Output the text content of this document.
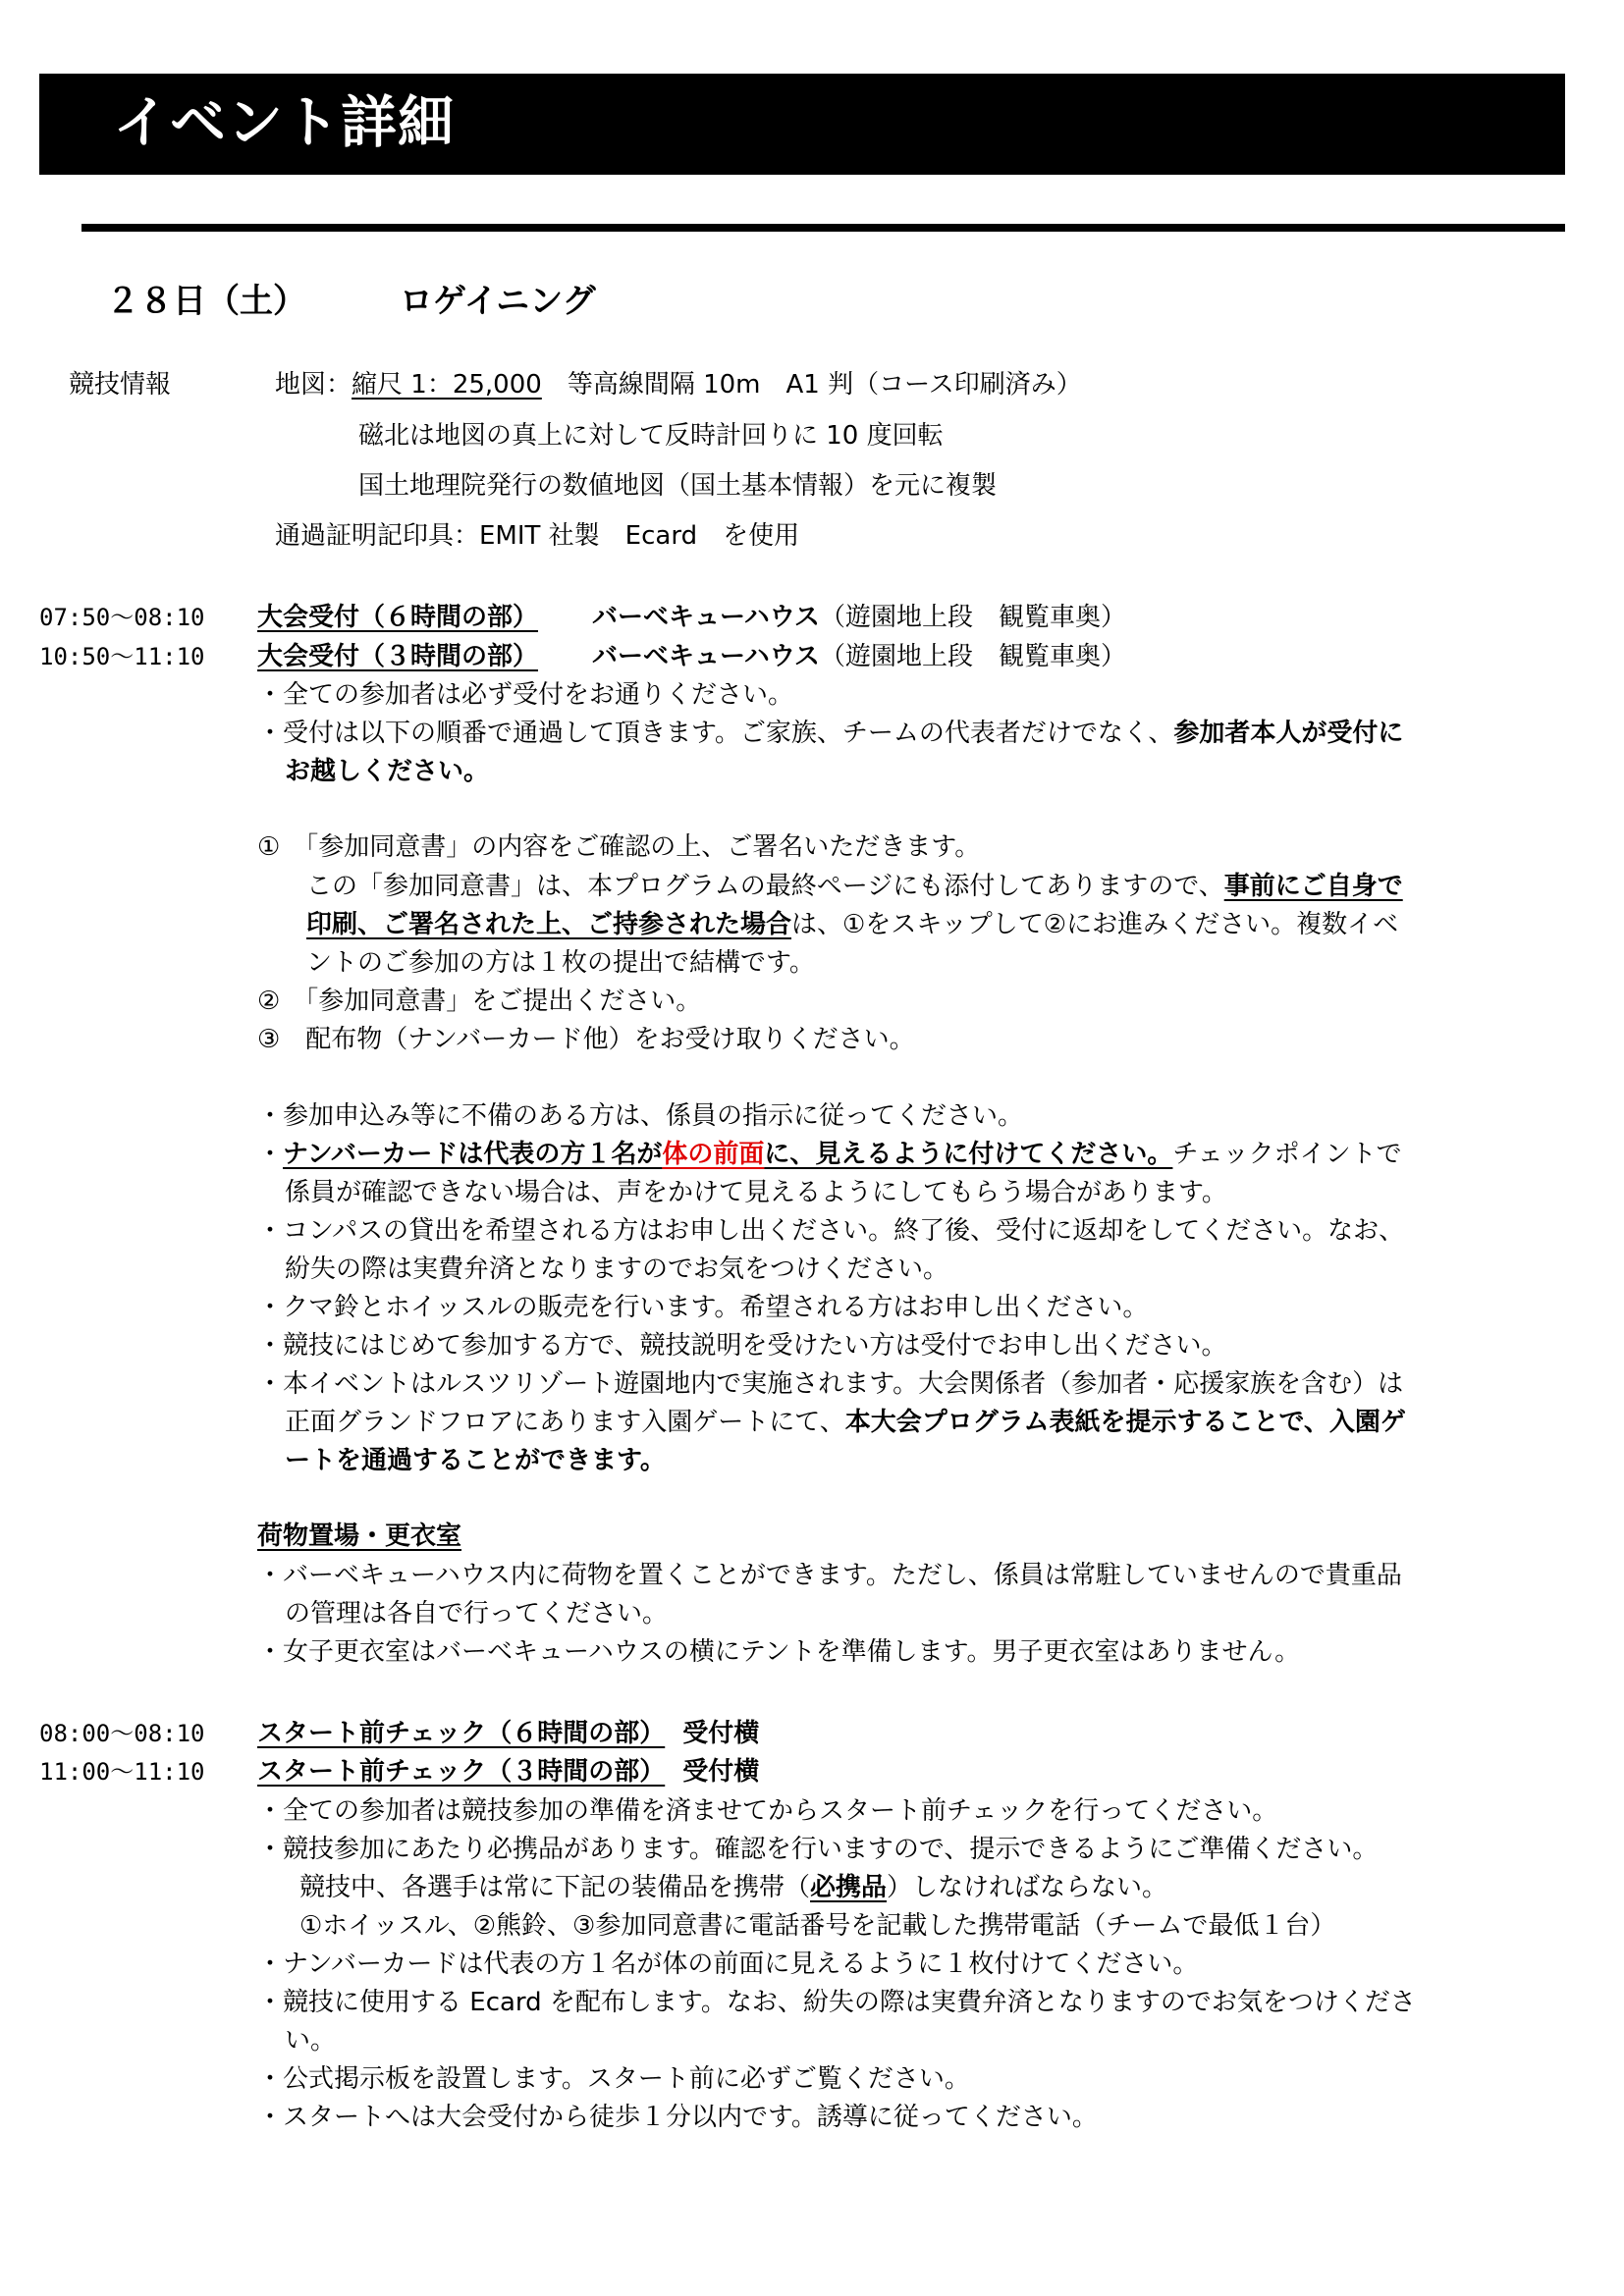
イベント詳細
２８日（土）	ロゲイニング
競技情報	地図：縮尺 1：25,000　等高線間隔 10m　A1 判（コース印刷済み）
磁北は地図の真上に対して反時計回りに 10 度回転
国土地理院発行の数値地図（国土基本情報）を元に複製
通過証明記印具：EMIT 社製　Ecard　を使用
07:50～08:10 大会受付（６時間の部） バーベキューハウス（遊園地上段　観覧車奥）
10:50～11:10 大会受付（３時間の部） バーベキューハウス（遊園地上段　観覧車奥）
・全ての参加者は必ず受付をお通りください。
・受付は以下の順番で通過して頂きます。ご家族、チームの代表者だけでなく、参加者本人が受付に
お越しください。
①　「参加同意書」の内容をご確認の上、ご署名いただきます。
この「参加同意書」は、本プログラムの最終ページにも添付してありますので、事前にご自身で
印刷、ご署名された上、ご持参された場合は、①をスキップして②にお進みください。複数イベ
ントのご参加の方は１枚の提出で結構です。
②　「参加同意書」をご提出ください。
③　配布物（ナンバーカード他）をお受け取りください。
・参加申込み等に不備のある方は、係員の指示に従ってください。
・ナンバーカードは代表の方１名が体の前面に、見えるように付けてください。チェックポイントで
係員が確認できない場合は、声をかけて見えるようにしてもらう場合があります。
・コンパスの貸出を希望される方はお申し出ください。終了後、受付に返却をしてください。なお、
紛失の際は実費弁済となりますのでお気をつけください。
・クマ鈴とホイッスルの販売を行います。希望される方はお申し出ください。
・競技にはじめて参加する方で、競技説明を受けたい方は受付でお申し出ください。
・本イベントはルスツリゾート遊園地内で実施されます。大会関係者（参加者・応援家族を含む）は
正面グランドフロアにあります入園ゲートにて、本大会プログラム表紙を提示することで、入園ゲ
ートを通過することができます。
荷物置場・更衣室
・バーベキューハウス内に荷物を置くことができます。ただし、係員は常駐していませんので貴重品
の管理は各自で行ってください。
・女子更衣室はバーベキューハウスの横にテントを準備します。男子更衣室はありません。
08:00～08:10 スタート前チェック（６時間の部） 受付横
11:00～11:10 スタート前チェック（３時間の部） 受付横
・全ての参加者は競技参加の準備を済ませてからスタート前チェックを行ってください。
・競技参加にあたり必携品があります。確認を行いますので、提示できるようにご準備ください。
競技中、各選手は常に下記の装備品を携帯（必携品）しなければならない。
①ホイッスル、②熊鈴、③参加同意書に電話番号を記載した携帯電話（チームで最低１台）
・ナンバーカードは代表の方１名が体の前面に見えるように１枚付けてください。
・競技に使用する Ecard を配布します。なお、紛失の際は実費弁済となりますのでお気をつけくださ
い。
・公式掲示板を設置します。スタート前に必ずご覧ください。
・スタートへは大会受付から徒歩１分以内です。誘導に従ってください。
